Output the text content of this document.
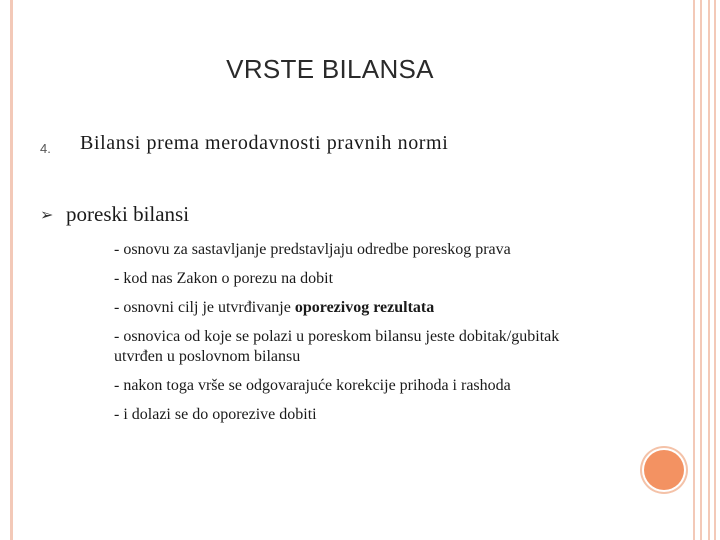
VRSTE BILANSA
4. Bilansi prema merodavnosti pravnih normi
➢ poreski bilansi
- osnovu za sastavljanje predstavljaju odredbe poreskog prava
- kod nas Zakon o porezu na dobit
- osnovni cilj je utvrđivanje oporezivog rezultata
- osnovica od koje se polazi u poreskom bilansu jeste dobitak/gubitak utvrđen u poslovnom bilansu
- nakon toga vrše se odgovarajuće korekcije prihoda i rashoda
- i dolazi se do oporezive dobiti
